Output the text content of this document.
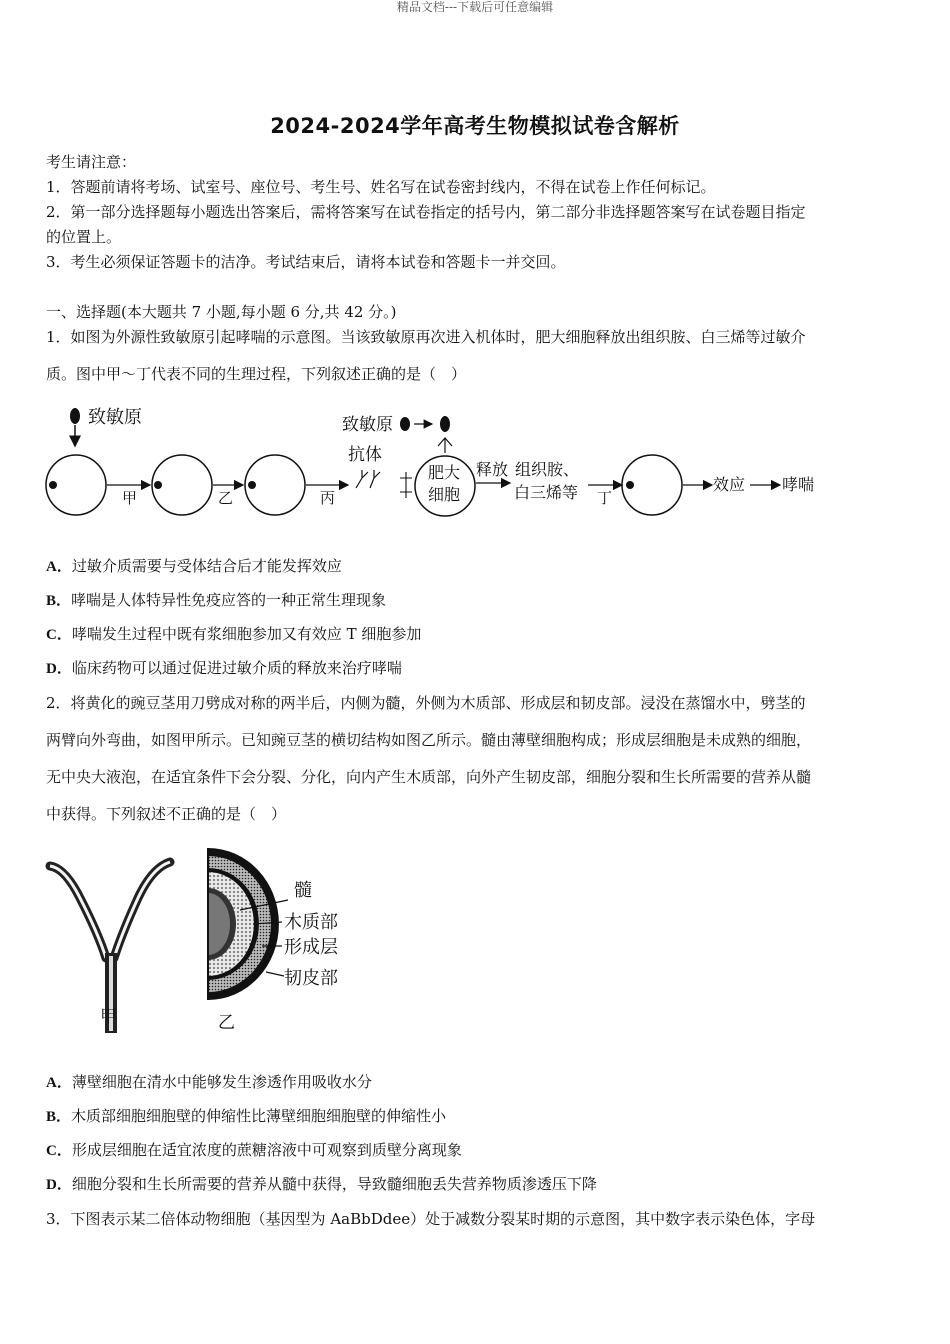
精品文档---下载后可任意编辑
2024-2024学年高考生物模拟试卷含解析
考生请注意：
1．答题前请将考场、试室号、座位号、考生号、姓名写在试卷密封线内，不得在试卷上作任何标记。
2．第一部分选择题每小题选出答案后，需将答案写在试卷指定的括号内，第二部分非选择题答案写在试卷题目指定
的位置上。
3．考生必须保证答题卡的洁净。考试结束后，请将本试卷和答题卡一并交回。
一、选择题(本大题共 7 小题,每小题 6 分,共 42 分。)
1．如图为外源性致敏原引起哮喘的示意图。当该致敏原再次进入机体时，肥大细胞释放出组织胺、白三烯等过敏介
质。图中甲～丁代表不同的生理过程，下列叙述正确的是（　）
致敏原
甲	乙	丙
抗体
致敏原
肥大
细胞
释放 组织胺、
白三烯等 丁
效应 哮喘
A．过敏介质需要与受体结合后才能发挥效应
B．哮喘是人体特异性免疫应答的一种正常生理现象
C．哮喘发生过程中既有浆细胞参加又有效应 T 细胞参加
D．临床药物可以通过促进过敏介质的释放来治疗哮喘
2．将黄化的豌豆茎用刀劈成对称的两半后，内侧为髓，外侧为木质部、形成层和韧皮部。浸没在蒸馏水中，劈茎的
两臂向外弯曲，如图甲所示。已知豌豆茎的横切结构如图乙所示。髓由薄壁细胞构成；形成层细胞是未成熟的细胞，
无中央大液泡，在适宜条件下会分裂、分化，向内产生木质部，向外产生韧皮部，细胞分裂和生长所需要的营养从髓
中获得。下列叙述不正确的是（　）
甲	乙
髓
木质部
形成层
韧皮部
A．薄壁细胞在清水中能够发生渗透作用吸收水分
B．木质部细胞细胞壁的伸缩性比薄壁细胞细胞壁的伸缩性小
C．形成层细胞在适宜浓度的蔗糖溶液中可观察到质壁分离现象
D．细胞分裂和生长所需要的营养从髓中获得，导致髓细胞丢失营养物质渗透压下降
3．下图表示某二倍体动物细胞（基因型为 AaBbDdee）处于减数分裂某时期的示意图，其中数字表示染色体，字母
